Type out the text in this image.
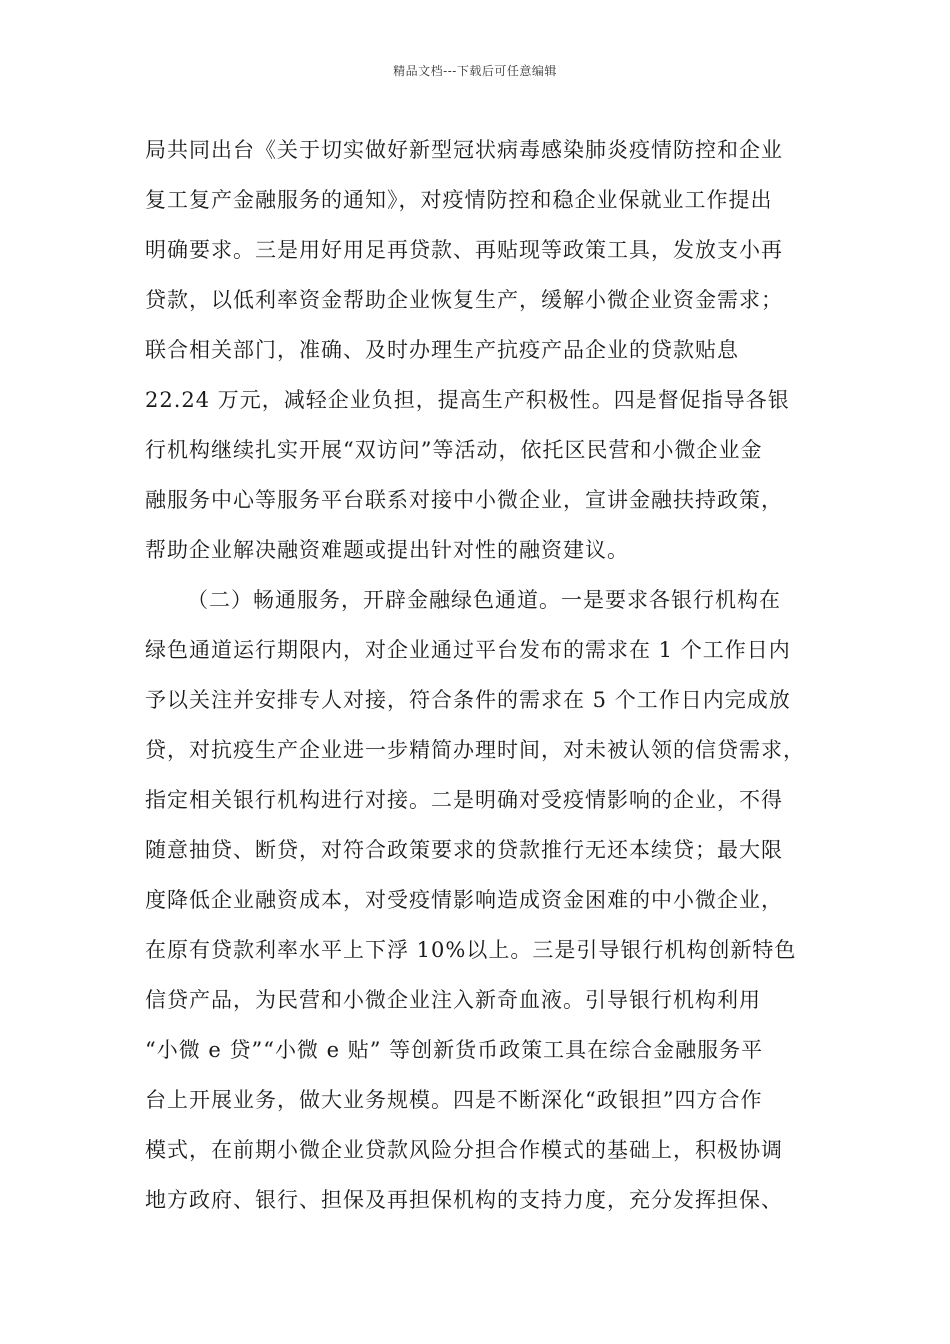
精品文档---下载后可任意编辑
局共同出台《关于切实做好新型冠状病毒感染肺炎疫情防控和企业
复工复产金融服务的通知》，对疫情防控和稳企业保就业工作提出
明确要求。三是用好用足再贷款、再贴现等政策工具，发放支小再
贷款，以低利率资金帮助企业恢复生产，缓解小微企业资金需求；
联合相关部门，准确、及时办理生产抗疫产品企业的贷款贴息
22.24 万元，减轻企业负担，提高生产积极性。四是督促指导各银
行机构继续扎实开展“双访问”等活动，依托区民营和小微企业金
融服务中心等服务平台联系对接中小微企业，宣讲金融扶持政策，
帮助企业解决融资难题或提出针对性的融资建议。
（二）畅通服务，开辟金融绿色通道。一是要求各银行机构在
绿色通道运行期限内，对企业通过平台发布的需求在 1 个工作日内
予以关注并安排专人对接，符合条件的需求在 5 个工作日内完成放
贷，对抗疫生产企业进一步精简办理时间，对未被认领的信贷需求，
指定相关银行机构进行对接。二是明确对受疫情影响的企业，不得
随意抽贷、断贷，对符合政策要求的贷款推行无还本续贷；最大限
度降低企业融资成本，对受疫情影响造成资金困难的中小微企业，
在原有贷款利率水平上下浮 10%以上。三是引导银行机构创新特色
信贷产品，为民营和小微企业注入新奇血液。引导银行机构利用
“小微 e 贷”“小微 e 贴” 等创新货币政策工具在综合金融服务平
台上开展业务，做大业务规模。四是不断深化“政银担”四方合作
模式，在前期小微企业贷款风险分担合作模式的基础上，积极协调
地方政府、银行、担保及再担保机构的支持力度，充分发挥担保、
